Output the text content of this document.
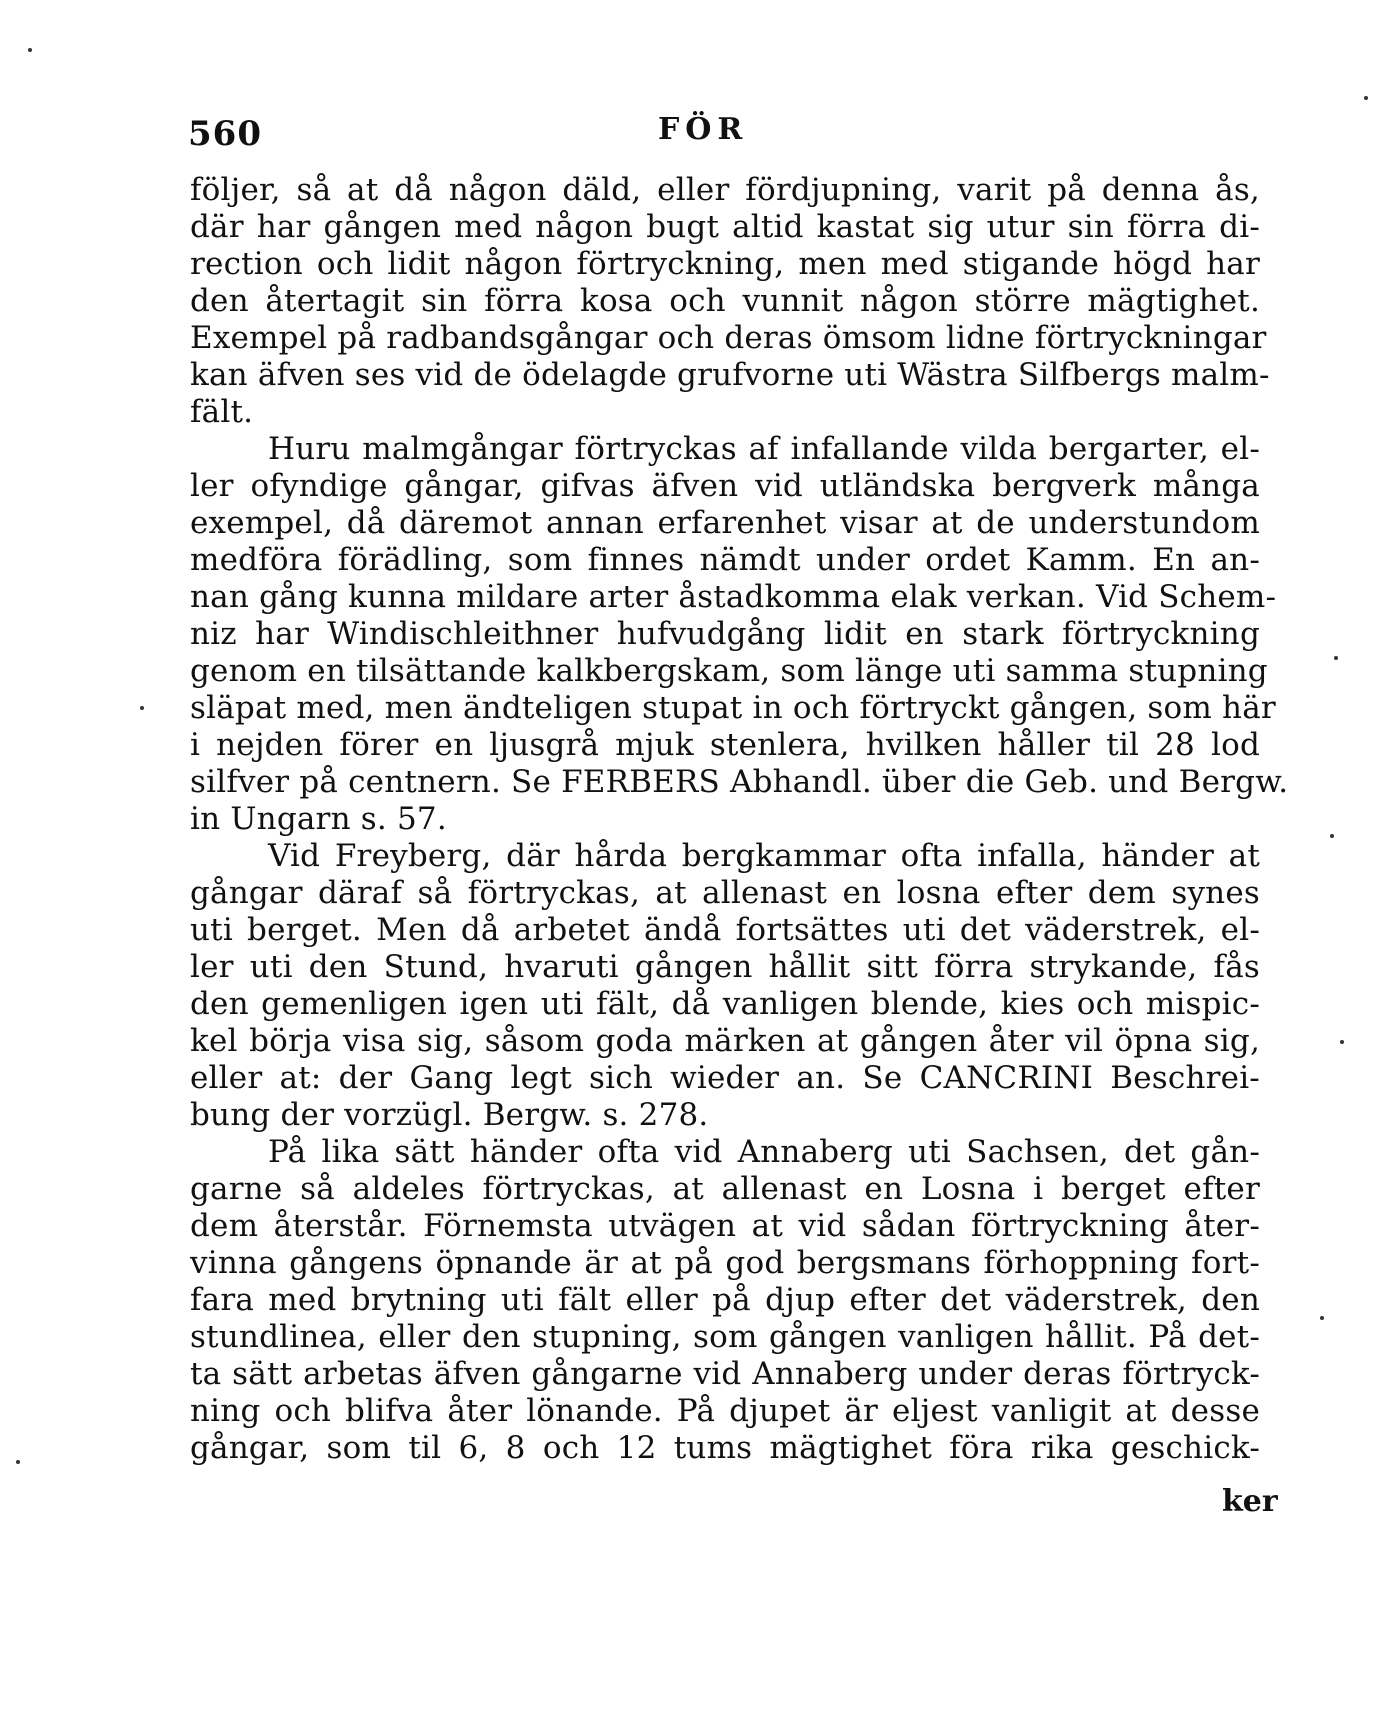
560	FÖR
följer, så at då någon däld, eller fördjupning, varit på denna ås,
där har gången med någon bugt altid kastat sig utur sin förra di-
rection och lidit någon förtryckning, men med stigande högd har
den återtagit sin förra kosa och vunnit någon större mägtighet.
Exempel på radbandsgångar och deras ömsom lidne förtryckningar
kan äfven ses vid de ödelagde grufvorne uti Wästra Silfbergs malm-
fält.
Huru malmgångar förtryckas af infallande vilda bergarter, el-
ler ofyndige gångar, gifvas äfven vid utländska bergverk många
exempel, då däremot annan erfarenhet visar at de understundom
medföra förädling, som finnes nämdt under ordet Kamm. En an-
nan gång kunna mildare arter åstadkomma elak verkan. Vid Schem-
niz har Windischleithner hufvudgång lidit en stark förtryckning
genom en tilsättande kalkbergskam, som länge uti samma stupning
släpat med, men ändteligen stupat in och förtryckt gången, som här
i nejden förer en ljusgrå mjuk stenlera, hvilken håller til 28 lod
silfver på centnern. Se FERBERS Abhandl. über die Geb. und Bergw.
in Ungarn s. 57.
Vid Freyberg, där hårda bergkammar ofta infalla, händer at
gångar däraf så förtryckas, at allenast en losna efter dem synes
uti berget. Men då arbetet ändå fortsättes uti det väderstrek, el-
ler uti den Stund, hvaruti gången hållit sitt förra strykande, fås
den gemenligen igen uti fält, då vanligen blende, kies och mispic-
kel börja visa sig, såsom goda märken at gången åter vil öpna sig,
eller at: der Gang legt sich wieder an. Se CANCRINI Beschrei-
bung der vorzügl. Bergw. s. 278.
På lika sätt händer ofta vid Annaberg uti Sachsen, det gån-
garne så aldeles förtryckas, at allenast en Losna i berget efter
dem återstår. Förnemsta utvägen at vid sådan förtryckning åter-
vinna gångens öpnande är at på god bergsmans förhoppning fort-
fara med brytning uti fält eller på djup efter det väderstrek, den
stundlinea, eller den stupning, som gången vanligen hållit. På det-
ta sätt arbetas äfven gångarne vid Annaberg under deras förtryck-
ning och blifva åter lönande. På djupet är eljest vanligit at desse
gångar, som til 6, 8 och 12 tums mägtighet föra rika geschick-
ker
